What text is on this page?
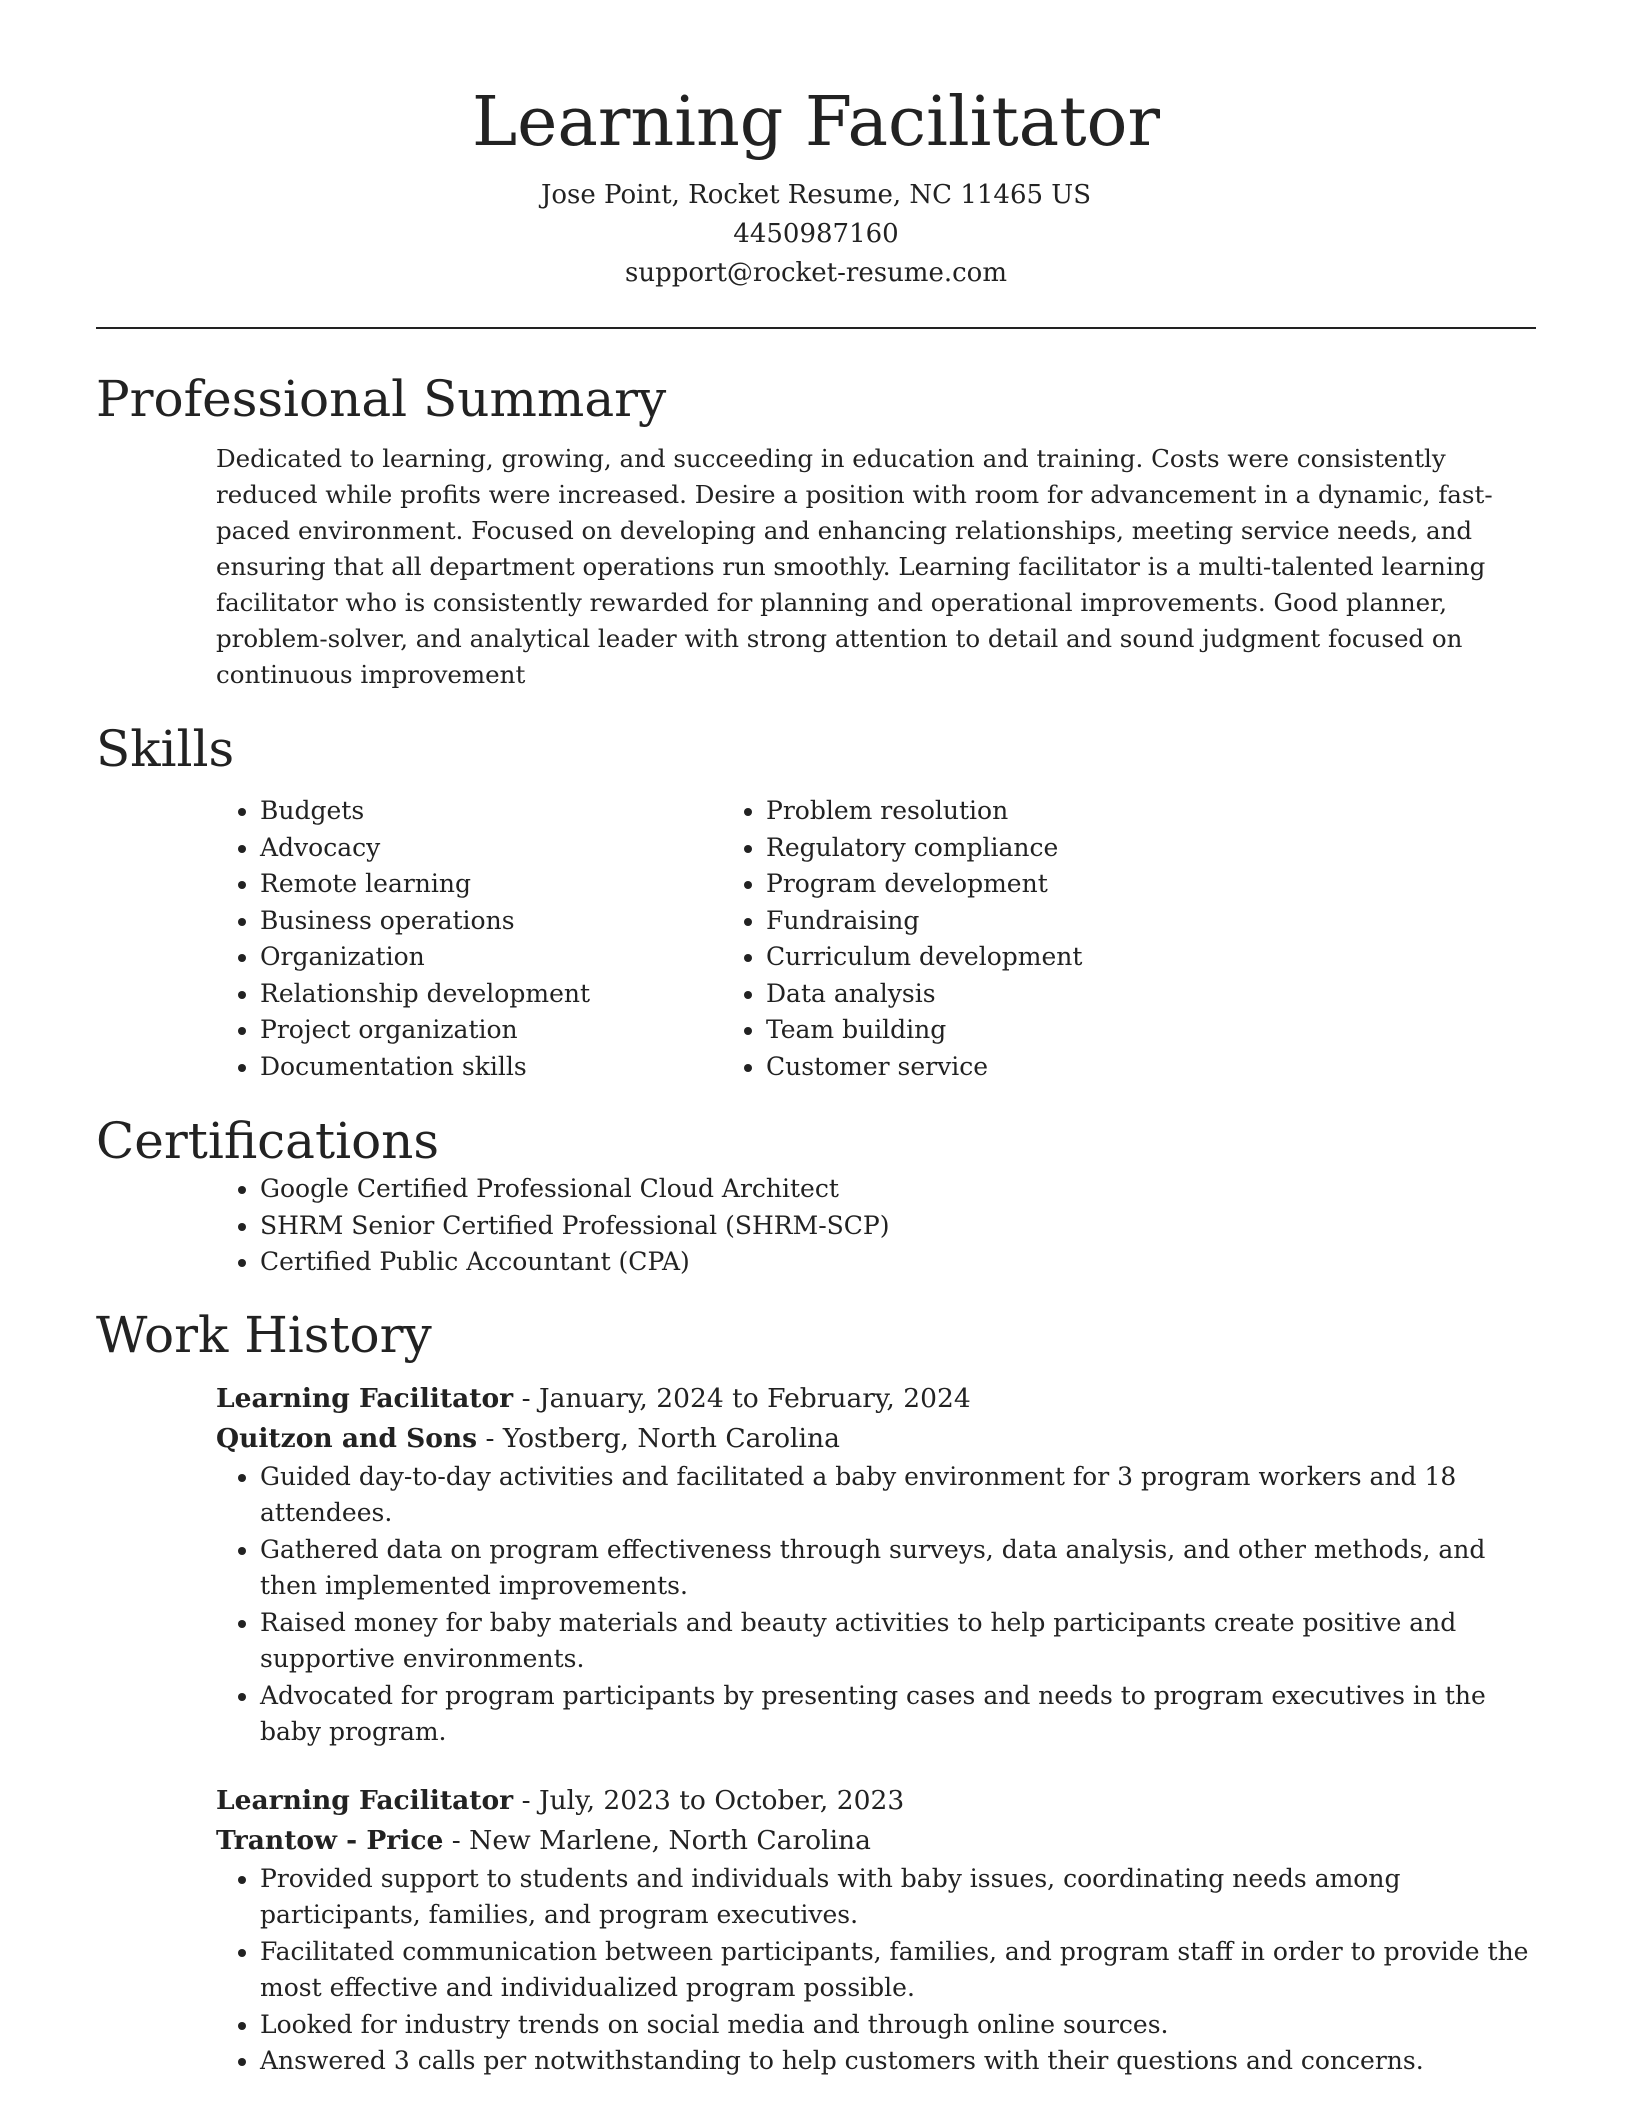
Learning Facilitator

Jose Point, Rocket Resume, NC 11465 US

4450987160

support@rocket-resume.com

Professional Summary

Dedicated to learning, growing, and succeeding in education and training. Costs were consistently reduced while profits were increased. Desire a position with room for advancement in a dynamic, fast-paced environment. Focused on developing and enhancing relationships, meeting service needs, and ensuring that all department operations run smoothly. Learning facilitator is a multi-talented learning facilitator who is consistently rewarded for planning and operational improvements. Good planner, problem-solver, and analytical leader with strong attention to detail and sound judgment focused on continuous improvement

Skills
• Budgets
• Advocacy
• Remote learning
• Business operations
• Organization
• Relationship development
• Project organization
• Documentation skills
• Problem resolution
• Regulatory compliance
• Program development
• Fundraising
• Curriculum development
• Data analysis
• Team building
• Customer service
Certifications
• Google Certified Professional Cloud Architect
• SHRM Senior Certified Professional (SHRM-SCP)
• Certified Public Accountant (CPA)
Work History

Learning Facilitator - January, 2024 to February, 2024

Quitzon and Sons - Yostberg, North Carolina

• Guided day-to-day activities and facilitated a baby environment for 3 program workers and 18 attendees.
• Gathered data on program effectiveness through surveys, data analysis, and other methods, and then implemented improvements.
• Raised money for baby materials and beauty activities to help participants create positive and supportive environments.
• Advocated for program participants by presenting cases and needs to program executives in the baby program.

Learning Facilitator - July, 2023 to October, 2023

Trantow - Price - New Marlene, North Carolina

• Provided support to students and individuals with baby issues, coordinating needs among participants, families, and program executives.
• Facilitated communication between participants, families, and program staff in order to provide the most effective and individualized program possible.
• Looked for industry trends on social media and through online sources.
• Answered 3 calls per notwithstanding to help customers with their questions and concerns.
